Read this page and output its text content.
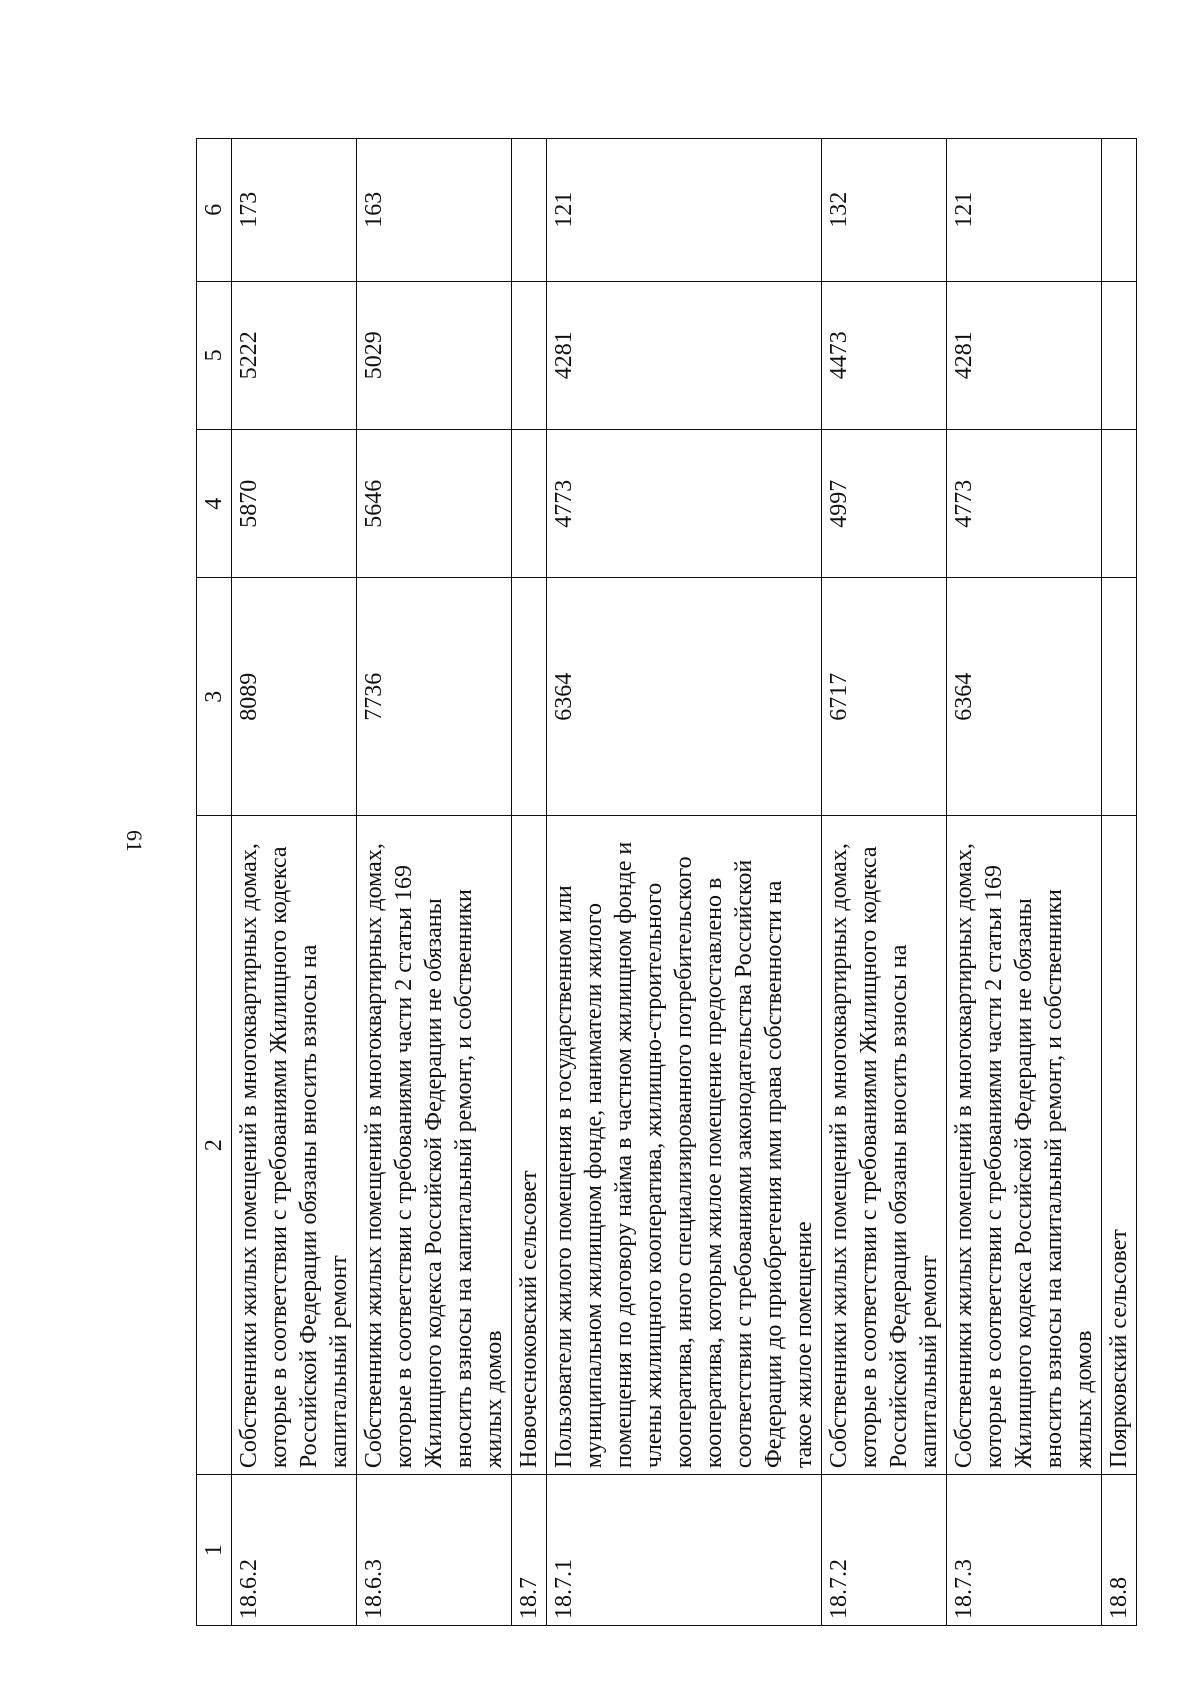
61
1	2	3	4	5	6
18.6.2	Собственники жилых помещений в многоквартирных домах, которые в соответствии с требованиями Жилищного кодекса Российской Федерации обязаны вносить взносы на капитальный ремонт	8089	5870	5222	173
18.6.3	Собственники жилых помещений в многоквартирных домах, которые в соответствии с требованиями части 2 статьи 169 Жилищного кодекса Российской Федерации не обязаны вносить взносы на капитальный ремонт, и собственники жилых домов	7736	5646	5029	163
18.7	Новочесноковский сельсовет				
18.7.1	Пользователи жилого помещения в государственном или муниципальном жилищном фонде, наниматели жилого помещения по договору найма в частном жилищном фонде и члены жилищного кооператива, жилищно-строительного кооператива, иного специализированного потребительского кооператива, которым жилое помещение предоставлено в соответствии с требованиями законодательства Российской Федерации до приобретения ими права собственности на такое жилое помещение	6364	4773	4281	121
18.7.2	Собственники жилых помещений в многоквартирных домах, которые в соответствии с требованиями Жилищного кодекса Российской Федерации обязаны вносить взносы на капитальный ремонт	6717	4997	4473	132
18.7.3	Собственники жилых помещений в многоквартирных домах, которые в соответствии с требованиями части 2 статьи 169 Жилищного кодекса Российской Федерации не обязаны вносить взносы на капитальный ремонт, и собственники жилых домов	6364	4773	4281	121
18.8	Поярковский сельсовет				
